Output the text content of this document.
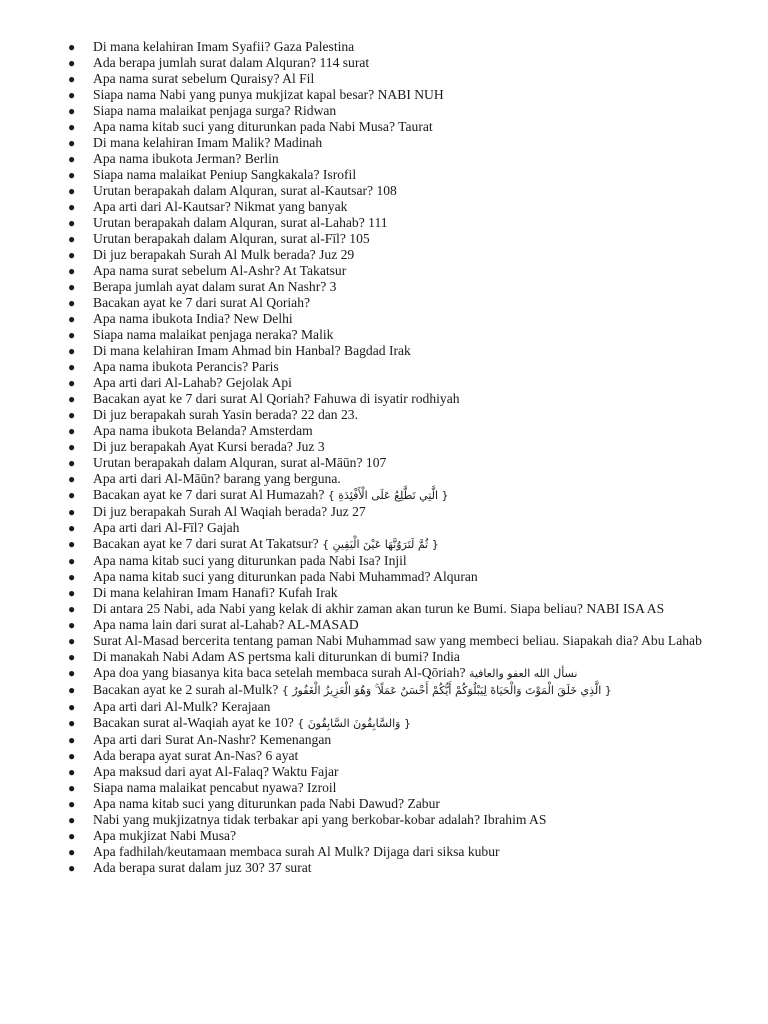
● Di mana kelahiran Imam Syafii? Gaza Palestina
● Ada berapa jumlah surat dalam Alquran? 114 surat
● Apa nama surat sebelum Quraisy? Al Fil
● Siapa nama Nabi yang punya mukjizat kapal besar? NABI NUH
● Siapa nama malaikat penjaga surga? Ridwan
● Apa nama kitab suci yang diturunkan pada Nabi Musa? Taurat
● Di mana kelahiran Imam Malik? Madinah
● Apa nama ibukota Jerman? Berlin
● Siapa nama malaikat Peniup Sangkakala? Isrofil
● Urutan berapakah dalam Alquran, surat al-Kautsar? 108
● Apa arti dari Al-Kautsar? Nikmat yang banyak
● Urutan berapakah dalam Alquran, surat al-Lahab? 111
● Urutan berapakah dalam Alquran, surat al-Fīl? 105
● Di juz berapakah Surah Al Mulk berada? Juz 29
● Apa nama surat sebelum Al-Ashr? At Takatsur
● Berapa jumlah ayat dalam surat An Nashr? 3
● Bacakan ayat ke 7 dari surat Al Qoriah?
● Apa nama ibukota India? New Delhi
● Siapa nama malaikat penjaga neraka? Malik
● Di mana kelahiran Imam Ahmad bin Hanbal? Bagdad Irak
● Apa nama ibukota Perancis? Paris
● Apa arti dari Al-Lahab? Gejolak Api
● Bacakan ayat ke 7 dari surat Al Qoriah? Fahuwa di isyatir rodhiyah
● Di juz berapakah surah Yasin berada? 22 dan 23.
● Apa nama ibukota Belanda? Amsterdam
● Di juz berapakah Ayat Kursi berada? Juz 3
● Urutan berapakah dalam Alquran, surat al-Māūn? 107
● Apa arti dari Al-Māūn? barang yang berguna.
● Bacakan ayat ke 7 dari surat Al Humazah? { الَّتِي تَطَّلِعُ عَلَى الْأَفْئِدَةِ }
● Di juz berapakah Surah Al Waqiah berada? Juz 27
● Apa arti dari Al-Fīl? Gajah
● Bacakan ayat ke 7 dari surat At Takatsur? { ثُمَّ لَتَرَوُنَّهَا عَيْنَ الْيَقِينِ }
● Apa nama kitab suci yang diturunkan pada Nabi Isa? Injil
● Apa nama kitab suci yang diturunkan pada Nabi Muhammad? Alquran
● Di mana kelahiran Imam Hanafi? Kufah Irak
● Di antara 25 Nabi, ada Nabi yang kelak di akhir zaman akan turun ke Bumi. Siapa beliau? NABI ISA AS
● Apa nama lain dari surat al-Lahab? AL-MASAD
● Surat Al-Masad bercerita tentang paman Nabi Muhammad saw yang membeci beliau. Siapakah dia? Abu Lahab
● Di manakah Nabi Adam AS pertsma kali diturunkan di bumi? India
● Apa doa yang biasanya kita baca setelah membaca surah Al-Qōriah? نسأل الله العفو والعافية
● Bacakan ayat ke 2 surah al-Mulk? { الَّذِي خَلَقَ الْمَوْتَ وَالْحَيَاةَ لِيَبْلُوَكُمْ أَيُّكُمْ أَحْسَنُ عَمَلًا ۚ وَهُوَ الْعَزِيزُ الْغَفُورُ }
● Apa arti dari Al-Mulk? Kerajaan
● Bacakan surat al-Waqiah ayat ke 10? { وَالسَّابِقُونَ السَّابِقُونَ }
● Apa arti dari Surat An-Nashr? Kemenangan
● Ada berapa ayat surat An-Nas? 6 ayat
● Apa maksud dari ayat Al-Falaq? Waktu Fajar
● Siapa nama malaikat pencabut nyawa? Izroil
● Apa nama kitab suci yang diturunkan pada Nabi Dawud? Zabur
● Nabi yang mukjizatnya tidak terbakar api yang berkobar-kobar adalah? Ibrahim AS
● Apa mukjizat Nabi Musa?
● Apa fadhilah/keutamaan membaca surah Al Mulk? Dijaga dari siksa kubur
● Ada berapa surat dalam juz 30? 37 surat
